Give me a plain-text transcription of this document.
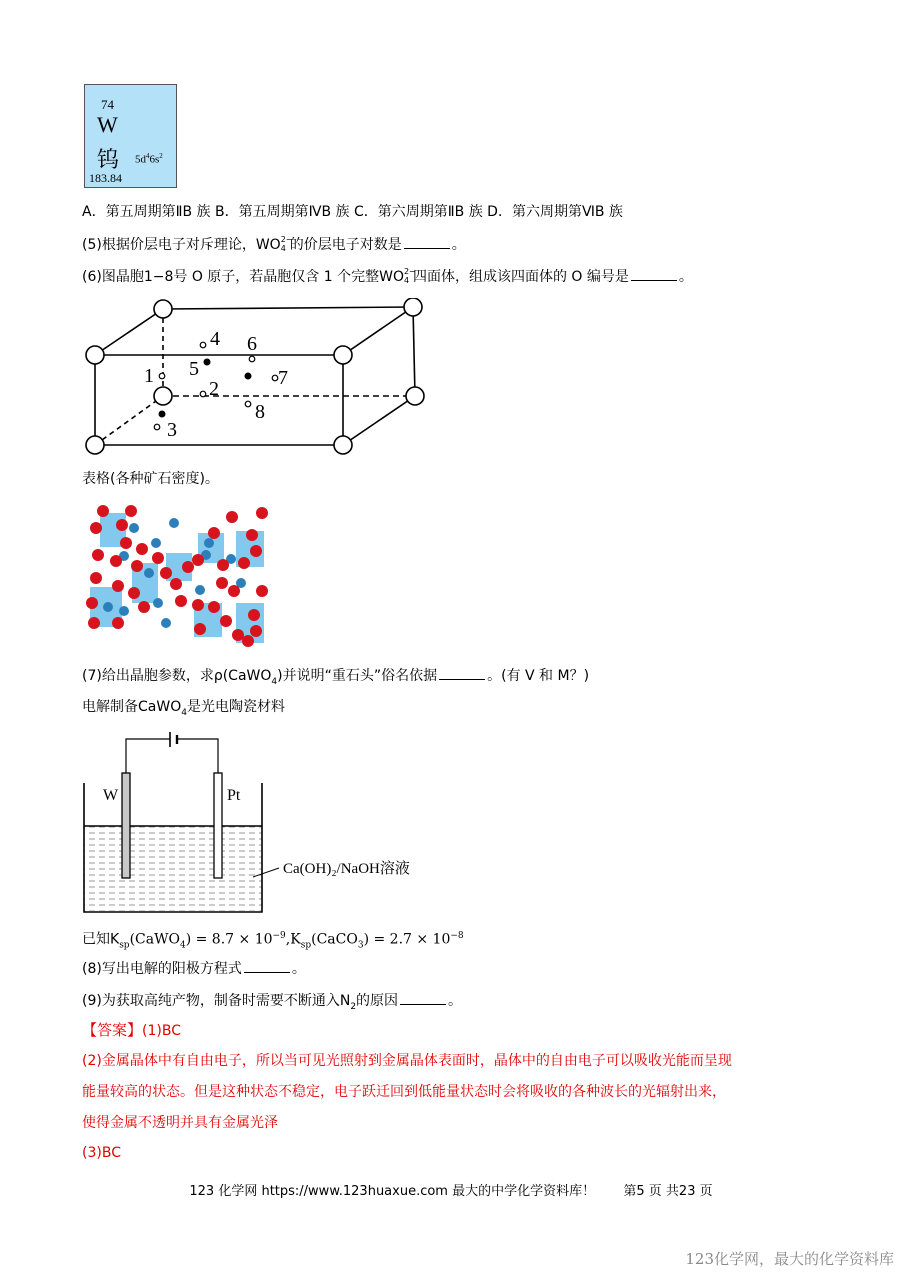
74
W
钨 $5d^46s^2$
183.84
A．第五周期第ⅡB 族 B．第五周期第ⅣB 族 C．第六周期第ⅡB 族 D．第六周期第ⅥB 族
(5)根据价层电子对斥理论，WO 2−
4 的价层电子对数是	。
(6)图晶胞1−8号 O 原子，若晶胞仅含 1 个完整WO 2−
4 四面体，组成该四面体的 O 编号是	。
1
2
3
4
5
6
7
8
表格(各种矿石密度)。
(7)给出晶胞参数，求ρ(CaWO$_4$)并说明“重石头”俗名依据	。(有 V 和 M？)
电解制备CaWO$_4$是光电陶瓷材料
W	Pt
Ca(OH)₂/NaOH溶液
已知$K_{sp}(CaWO_4) = 8.7$ × $10^{-9},K_{sp}(CaCO_3) = 2.7 \times 10^{-8}$
(8)写出电解的阳极方程式	。
(9)为获取高纯产物，制备时需要不断通入$N_2$的原因	。
【答案】(1)BC
(2)金属晶体中有自由电子，所以当可见光照射到金属晶体表面时，晶体中的自由电子可以吸收光能而呈现
能量较高的状态。但是这种状态不稳定，电子跃迁回到低能量状态时会将吸收的各种波长的光辐射出来，
使得金属不透明并具有金属光泽
(3)BC
123 化学网 https://www.123huaxue.com 最大的中学化学资料库！ 第5 页 共23 页
123化学网，最大的化学资料库
